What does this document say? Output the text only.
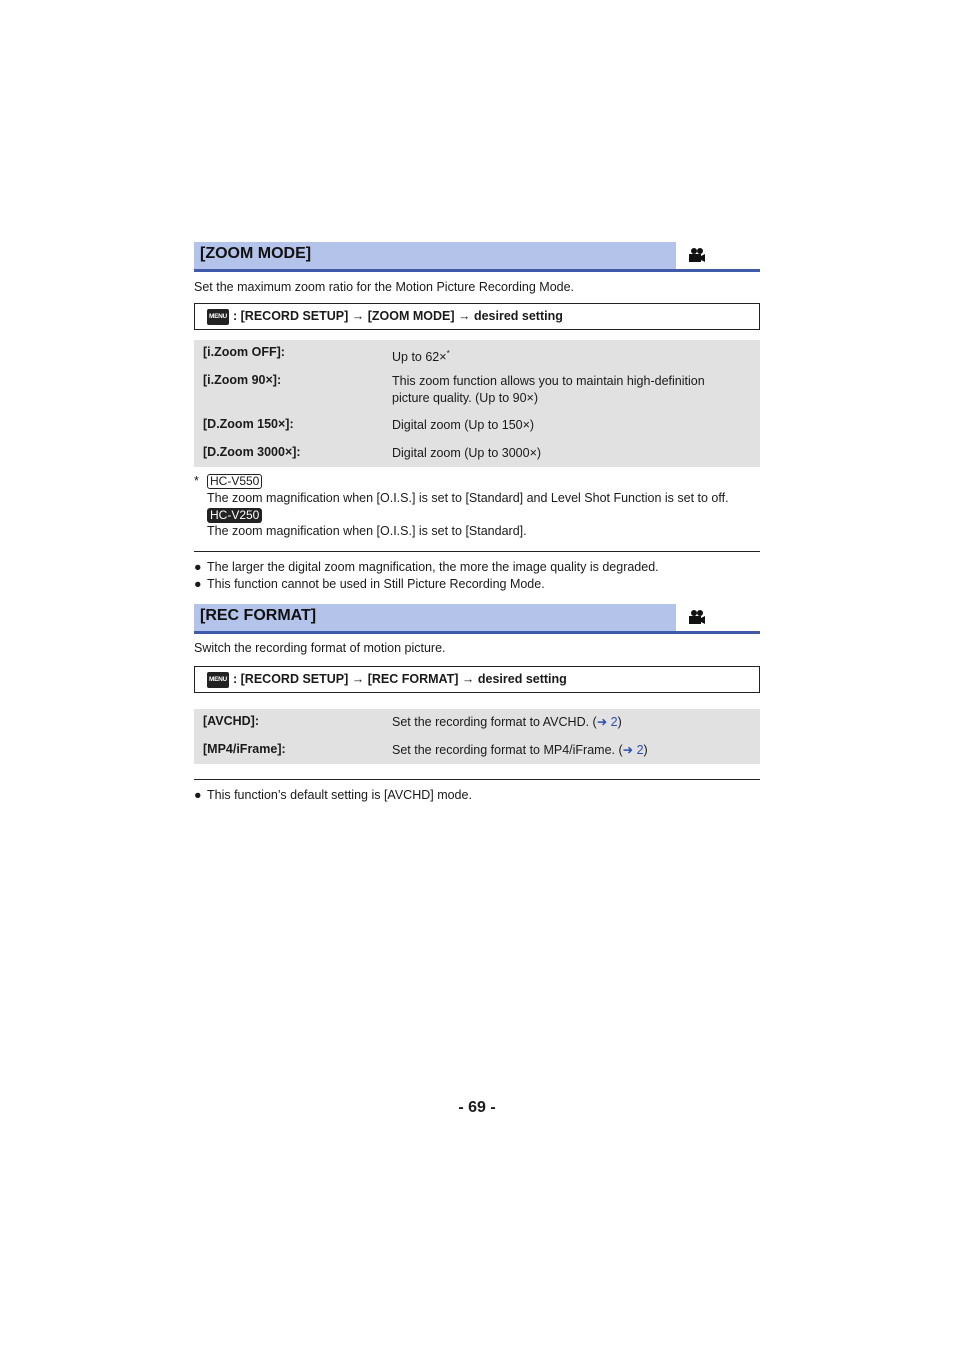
[ZOOM MODE]
Set the maximum zoom ratio for the Motion Picture Recording Mode.
MENU : [RECORD SETUP] → [ZOOM MODE] → desired setting
[i.Zoom OFF]:	Up to 62×*
[i.Zoom 90×]:	This zoom function allows you to maintain high-definition picture quality. (Up to 90×)
[D.Zoom 150×]:	Digital zoom (Up to 150×)
[D.Zoom 3000×]:	Digital zoom (Up to 3000×)
* HC-V550
The zoom magnification when [O.I.S.] is set to [Standard] and Level Shot Function is set to off.
HC-V250
The zoom magnification when [O.I.S.] is set to [Standard].
● The larger the digital zoom magnification, the more the image quality is degraded.
● This function cannot be used in Still Picture Recording Mode.
[REC FORMAT]
Switch the recording format of motion picture.
MENU : [RECORD SETUP] → [REC FORMAT] → desired setting
[AVCHD]:	Set the recording format to AVCHD. (➜ 2)
[MP4/iFrame]:	Set the recording format to MP4/iFrame. (➜ 2)
● This function’s default setting is [AVCHD] mode.
- 69 -
